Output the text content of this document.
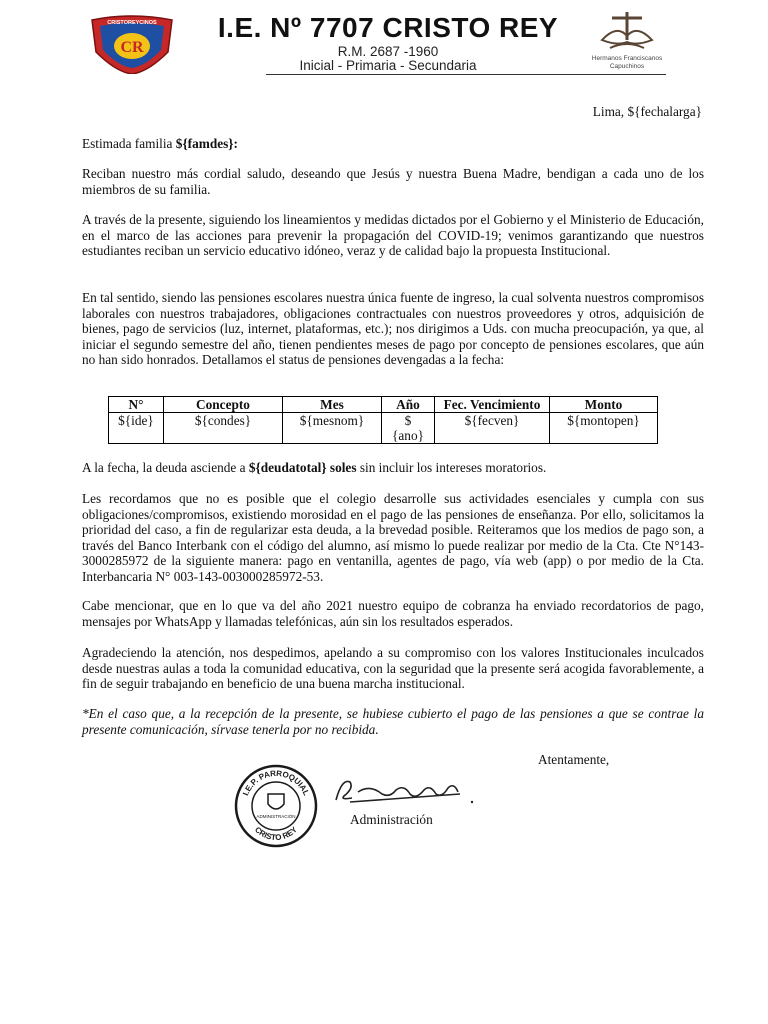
CR
CRISTOREYCINOS	I.E. Nº 7707 CRISTO REY
R.M. 2687 -1960
Inicial - Primaria - Secundaria	Hermanos Franciscanos
Capuchinos
Lima, ${fechalarga}

Estimada familia ${famdes}:

Reciban nuestro más cordial saludo, deseando que Jesús y nuestra Buena Madre, bendigan a cada uno de los miembros de su familia.

A través de la presente, siguiendo los lineamientos y medidas dictados por el Gobierno y el Ministerio de Educación, en el marco de las acciones para prevenir la propagación del COVID-19; venimos garantizando que nuestros estudiantes reciban un servicio educativo idóneo, veraz y de calidad bajo la propuesta Institucional.

En tal sentido, siendo las pensiones escolares nuestra única fuente de ingreso, la cual solventa nuestros compromisos laborales con nuestros trabajadores, obligaciones contractuales con nuestros proveedores y otros, adquisición de bienes, pago de servicios (luz, internet, plataformas, etc.); nos dirigimos a Uds. con mucha preocupación, ya que, al iniciar el segundo semestre del año, tienen pendientes meses de pago por concepto de pensiones escolares, que aún no han sido honrados. Detallamos el status de pensiones devengadas a la fecha:

N°	Concepto	Mes	Año	Fec. Vencimiento	Monto
${ide}	${condes}	${mesnom}	$ {ano}	${fecven}	${montopen}

A la fecha, la deuda asciende a ${deudatotal} soles sin incluir los intereses moratorios.

Les recordamos que no es posible que el colegio desarrolle sus actividades esenciales y cumpla con sus obligaciones/compromisos, existiendo morosidad en el pago de las pensiones de enseñanza. Por ello, solicitamos la prioridad del caso, a fin de regularizar esta deuda, a la brevedad posible. Reiteramos que los medios de pago son, a través del Banco Interbank con el código del alumno, así mismo lo puede realizar por medio de la Cta. Cte N°143-3000285972 de la siguiente manera: pago en ventanilla, agentes de pago, vía web (app) o por medio de la Cta. Interbancaria N° 003-143-003000285972-53.

Cabe mencionar, que en lo que va del año 2021 nuestro equipo de cobranza ha enviado recordatorios de pago, mensajes por WhatsApp y llamadas telefónicas, aún sin los resultados esperados.

Agradeciendo la atención, nos despedimos, apelando a su compromiso con los valores Institucionales inculcados desde nuestras aulas a toda la comunidad educativa, con la seguridad que la presente será acogida favorablemente, a fin de seguir trabajando en beneficio de una buena marcha institucional.

*En el caso que, a la recepción de la presente, se hubiese cubierto el pago de las pensiones a que se contrae la presente comunicación, sírvase tenerla por no recibida.

Atentamente,
I.E.P. PARROQUIAL
CRISTO REY
ADMINISTRACIÓN	Administración
